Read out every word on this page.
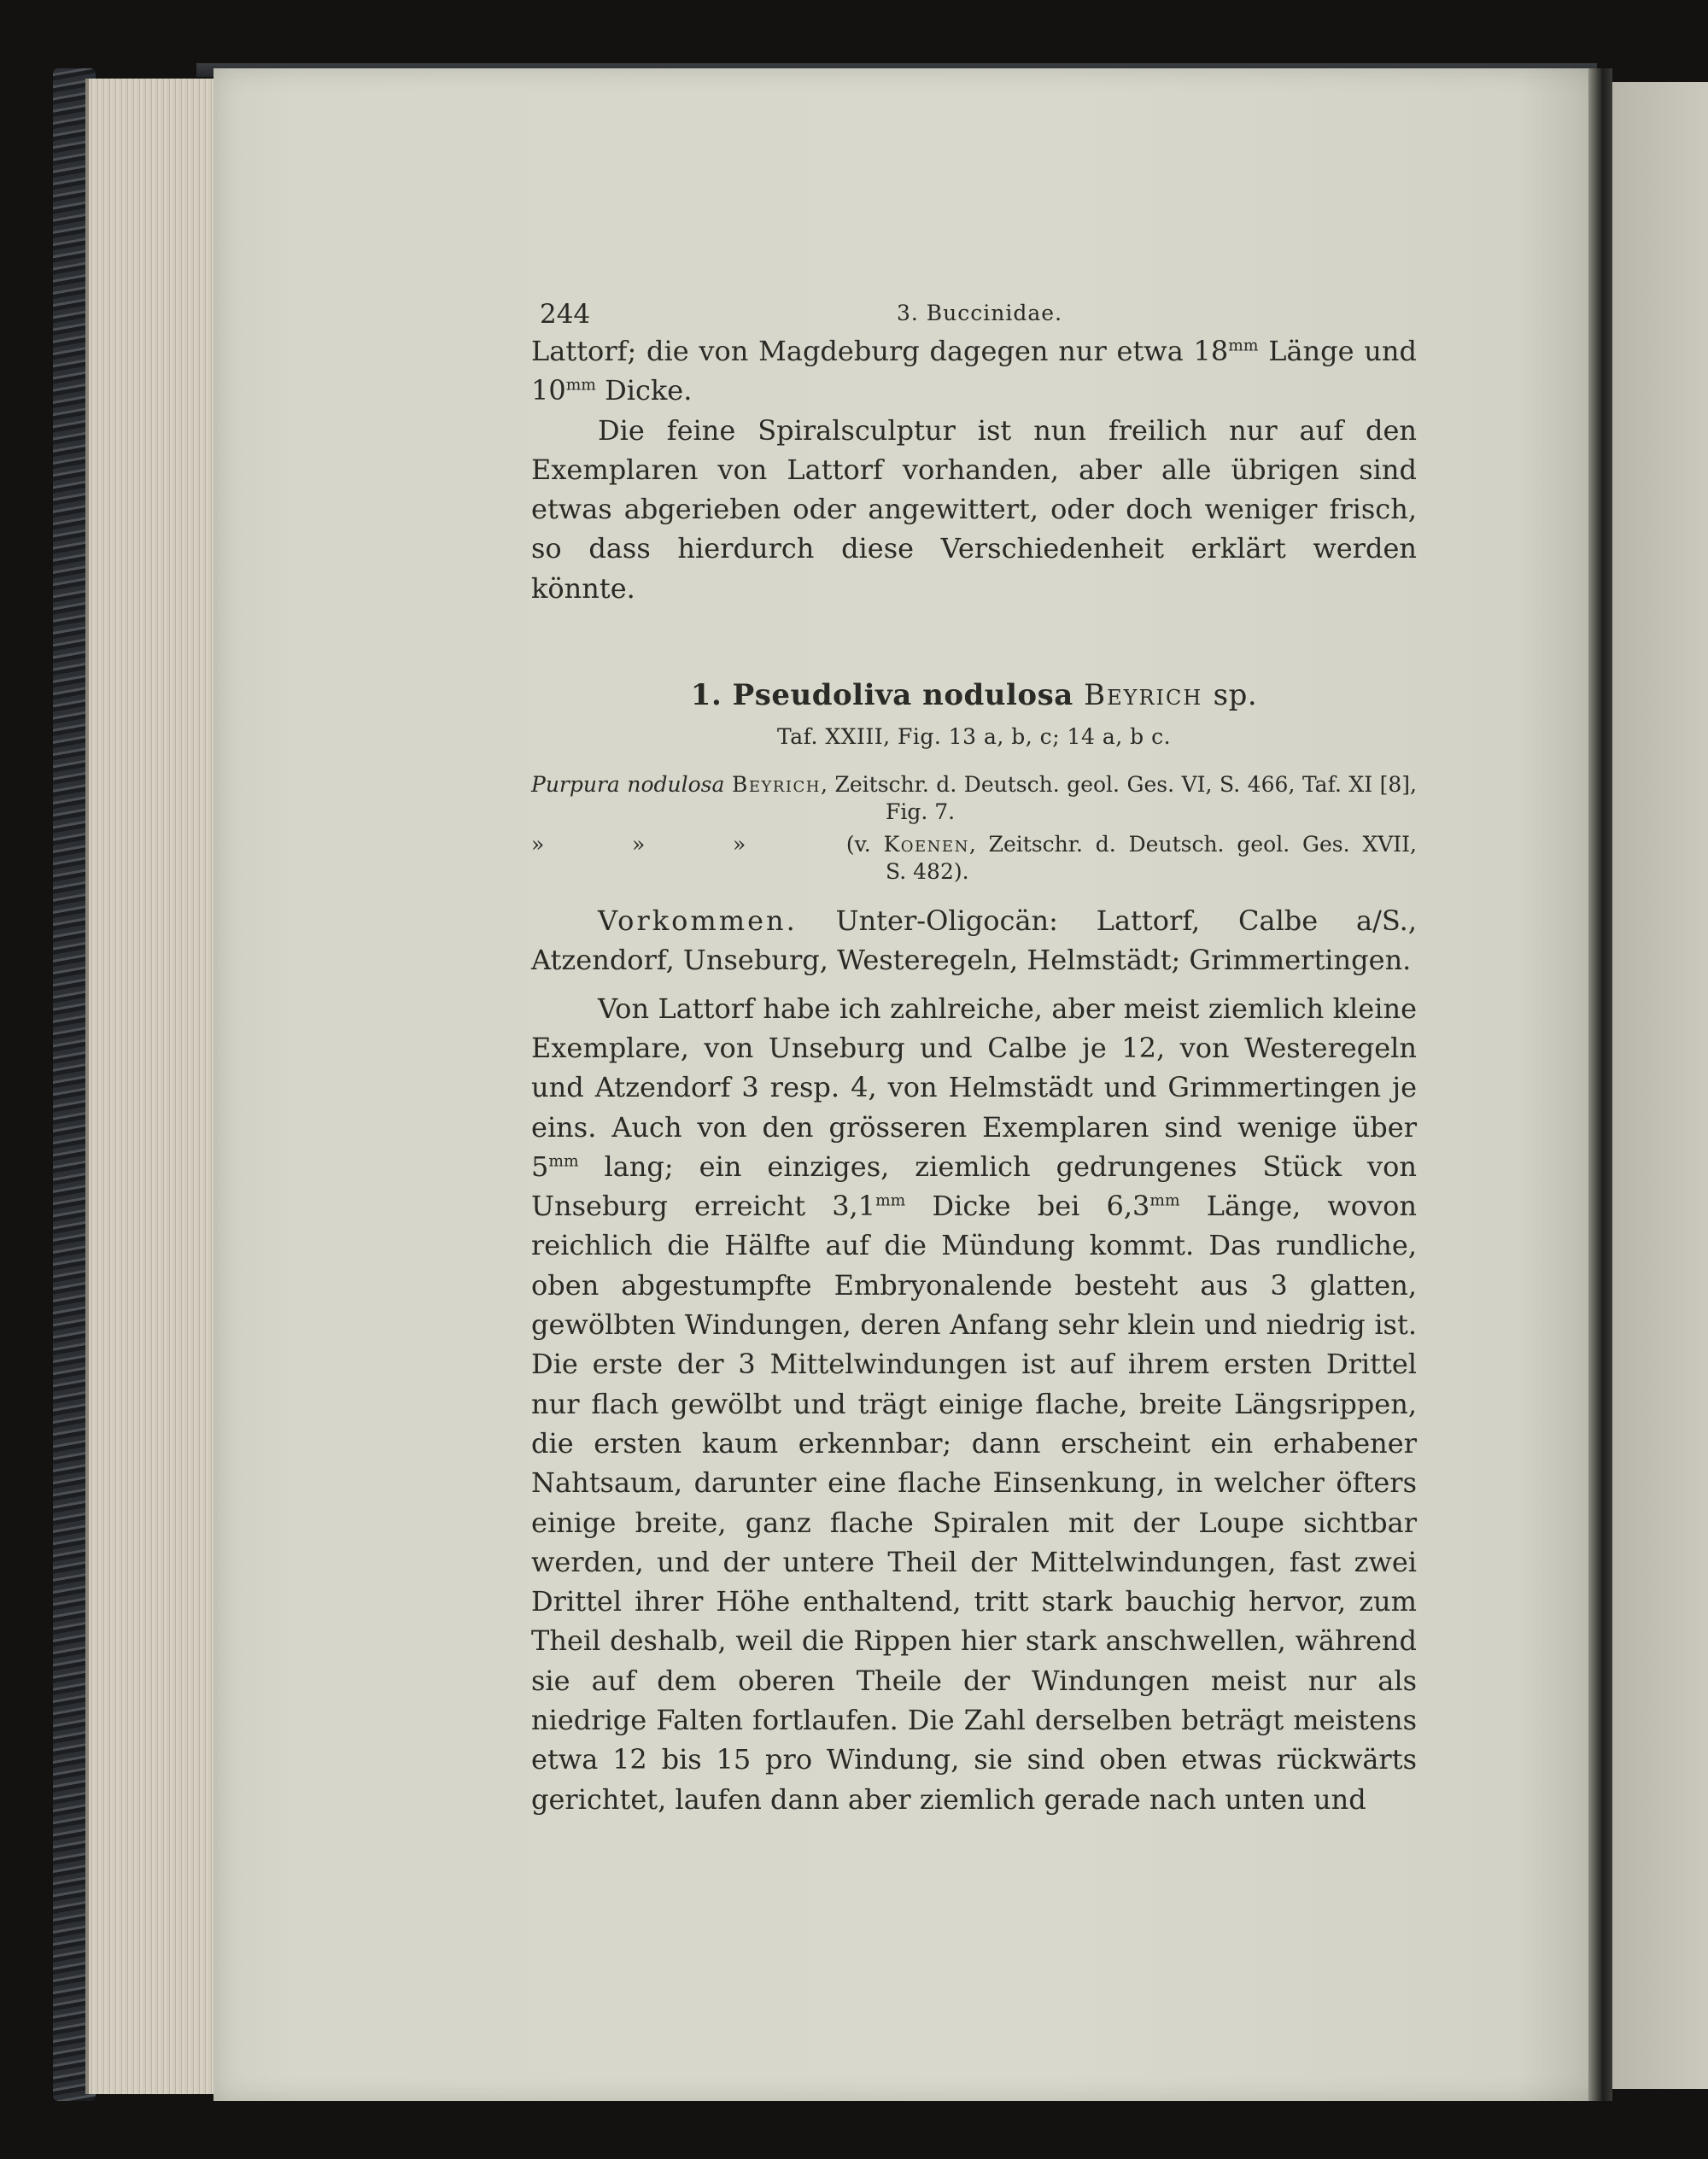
244	3. Buccinidae.

Lattorf; die von Magdeburg dagegen nur etwa $18^{mm}$ Länge und $10^{mm}$ Dicke.

Die feine Spiralsculptur ist nun freilich nur auf den Exemplaren von Lattorf vorhanden, aber alle übrigen sind etwas abgerieben oder angewittert, oder doch weniger frisch, so dass hierdurch diese Verschiedenheit erklärt werden könnte.

1. Pseudoliva nodulosa Beyrich sp.

Taf. XXIII, Fig. 13 a, b, c; 14 a, b c.

Purpura nodulosa Beyrich, Zeitschr. d. Deutsch. geol. Ges. VI, S. 466, Taf. XI [8],
Fig. 7.
»	»	»	(v. Koenen, Zeitschr. d. Deutsch. geol. Ges. XVII,
S. 482).

Vorkommen. Unter-Oligocän: Lattorf, Calbe a/S., Atzendorf, Unseburg, Westeregeln, Helmstädt; Grimmertingen.

Von Lattorf habe ich zahlreiche, aber meist ziemlich kleine Exemplare, von Unseburg und Calbe je 12, von Westeregeln und Atzendorf 3 resp. 4, von Helmstädt und Grimmertingen je eins. Auch von den grösseren Exemplaren sind wenige über $5^{mm}$ lang; ein einziges, ziemlich gedrungenes Stück von Unseburg erreicht $3,1^{mm}$ Dicke bei $6,3^{mm}$ Länge, wovon reichlich die Hälfte auf die Mündung kommt. Das rundliche, oben abgestumpfte Embryonalende besteht aus 3 glatten, gewölbten Windungen, deren Anfang sehr klein und niedrig ist. Die erste der 3 Mittelwindungen ist auf ihrem ersten Drittel nur flach gewölbt und trägt einige flache, breite Längsrippen, die ersten kaum erkennbar; dann erscheint ein erhabener Nahtsaum, darunter eine flache Einsenkung, in welcher öfters einige breite, ganz flache Spiralen mit der Loupe sichtbar werden, und der untere Theil der Mittelwindungen, fast zwei Drittel ihrer Höhe enthaltend, tritt stark bauchig hervor, zum Theil deshalb, weil die Rippen hier stark anschwellen, während sie auf dem oberen Theile der Windungen meist nur als niedrige Falten fortlaufen. Die Zahl derselben beträgt meistens etwa 12 bis 15 pro Windung, sie sind oben etwas rückwärts gerichtet, laufen dann aber ziemlich gerade nach unten und
